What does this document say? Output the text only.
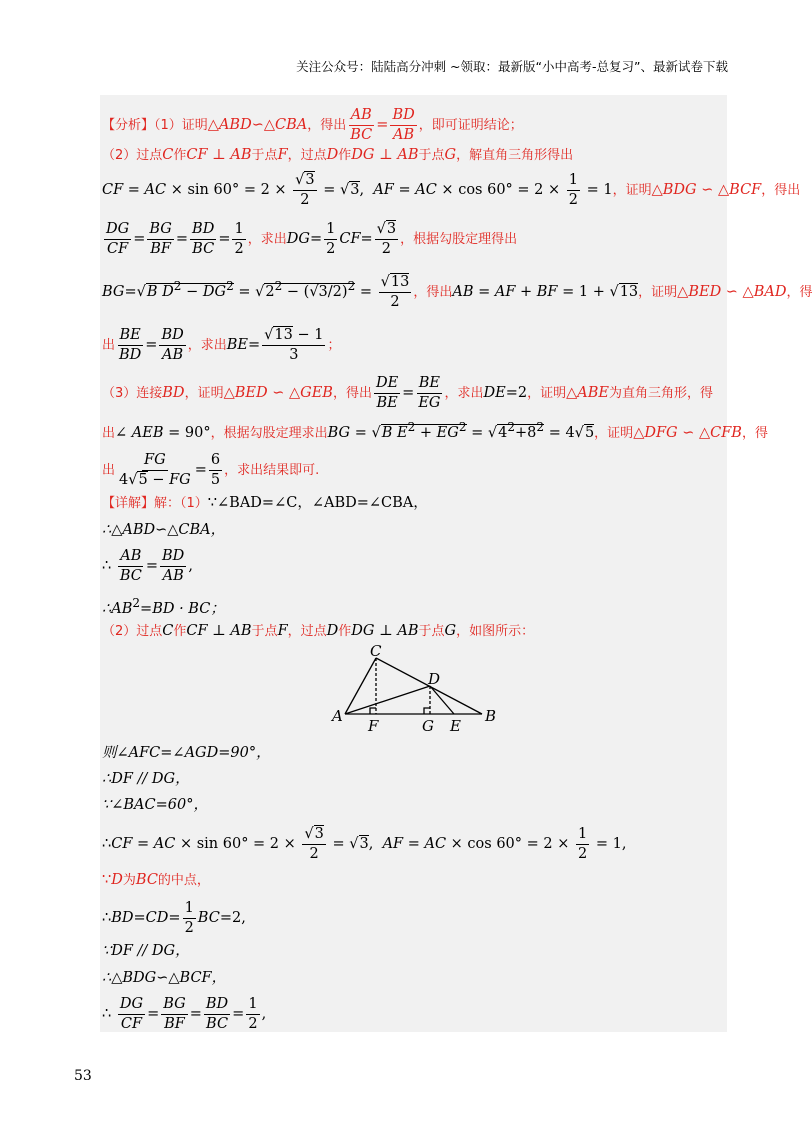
关注公众号：陆陆高分冲刺 ~领取：最新版“小中高考-总复习”、最新试卷下载
【分析】（1）证明△ABD∽△CBA，得出 $\frac{AB}{BC} = \frac{BD}{AB}$ ，即可证明结论；
（2）过点C作CF ⊥ AB于点F，过点D作DG ⊥ AB于点G，解直角三角形得出
CF = AC × $\sin 60^\circ = 2 \times \frac{√3}{2} = √3$,  AF = AC × $\cos 60^\circ = 2 \times \frac{1}{2} = 1$，证明△BDG ∽ △BCF，得出
$\frac{DG}{CF} = \frac{BG}{BF} = \frac{BD}{BC} = \frac{1}{2}$ ，求出$DG= \frac{1}{2} CF= \frac{√3}{2}$ ，根据勾股定理得出
BG=√B $D^2 - DG^2 = √2^2 - (√3/2)^2 = \frac{√13}{2}$ ，得出AB = AF + BF = 1 + √13，证明△BED ∽ △BAD，得
出 $\frac{BE}{BD} = \frac{BD}{AB}$ ，求出$BE= \frac{√13 - 1}{3}$ ；
（3）连接BD，证明△BED ∽ △GEB，得出 $\frac{DE}{BE} = \frac{BE}{EG}$ ，求出DE=2，证明△ABE为直角三角形，得
出∠ AEB = 90°，根据勾股定理求出BG = √B $E^2 + EG^2 = √4^2+8^2 = 4√5$，证明△DFG ∽ △CFB，得
出 $\frac{FG}{4√5 - FG} = \frac{6}{5}$ ，求出结果即可.
【详解】解：（1）∵∠BAD=∠C，∠ABD=∠CBA，
∴△ABD∽△CBA，
∴ $\frac{AB}{BC} = \frac{BD}{AB}$ ,
$\therefore AB^2=BD$ · BC；
（2）过点C作CF ⊥ AB于点F，过点D作DG ⊥ AB于点G，如图所示：
C
D
A
F	G E
B
则∠AFC=∠AGD=90°，
∴DF // DG，
∵∠BAC=60°，
∴CF = AC × $\sin 60^\circ = 2 \times \frac{√3}{2} = √3$,  AF = AC × $\cos 60^\circ = 2 \times \frac{1}{2} = 1$,
∵D为BC的中点，
∴BD=CD= $\frac{1}{2} BC=2$,
∵DF // DG，
∴△BDG∽△BCF，
∴ $\frac{DG}{CF} = \frac{BG}{BF} = \frac{BD}{BC} = \frac{1}{2}$ ,
53
